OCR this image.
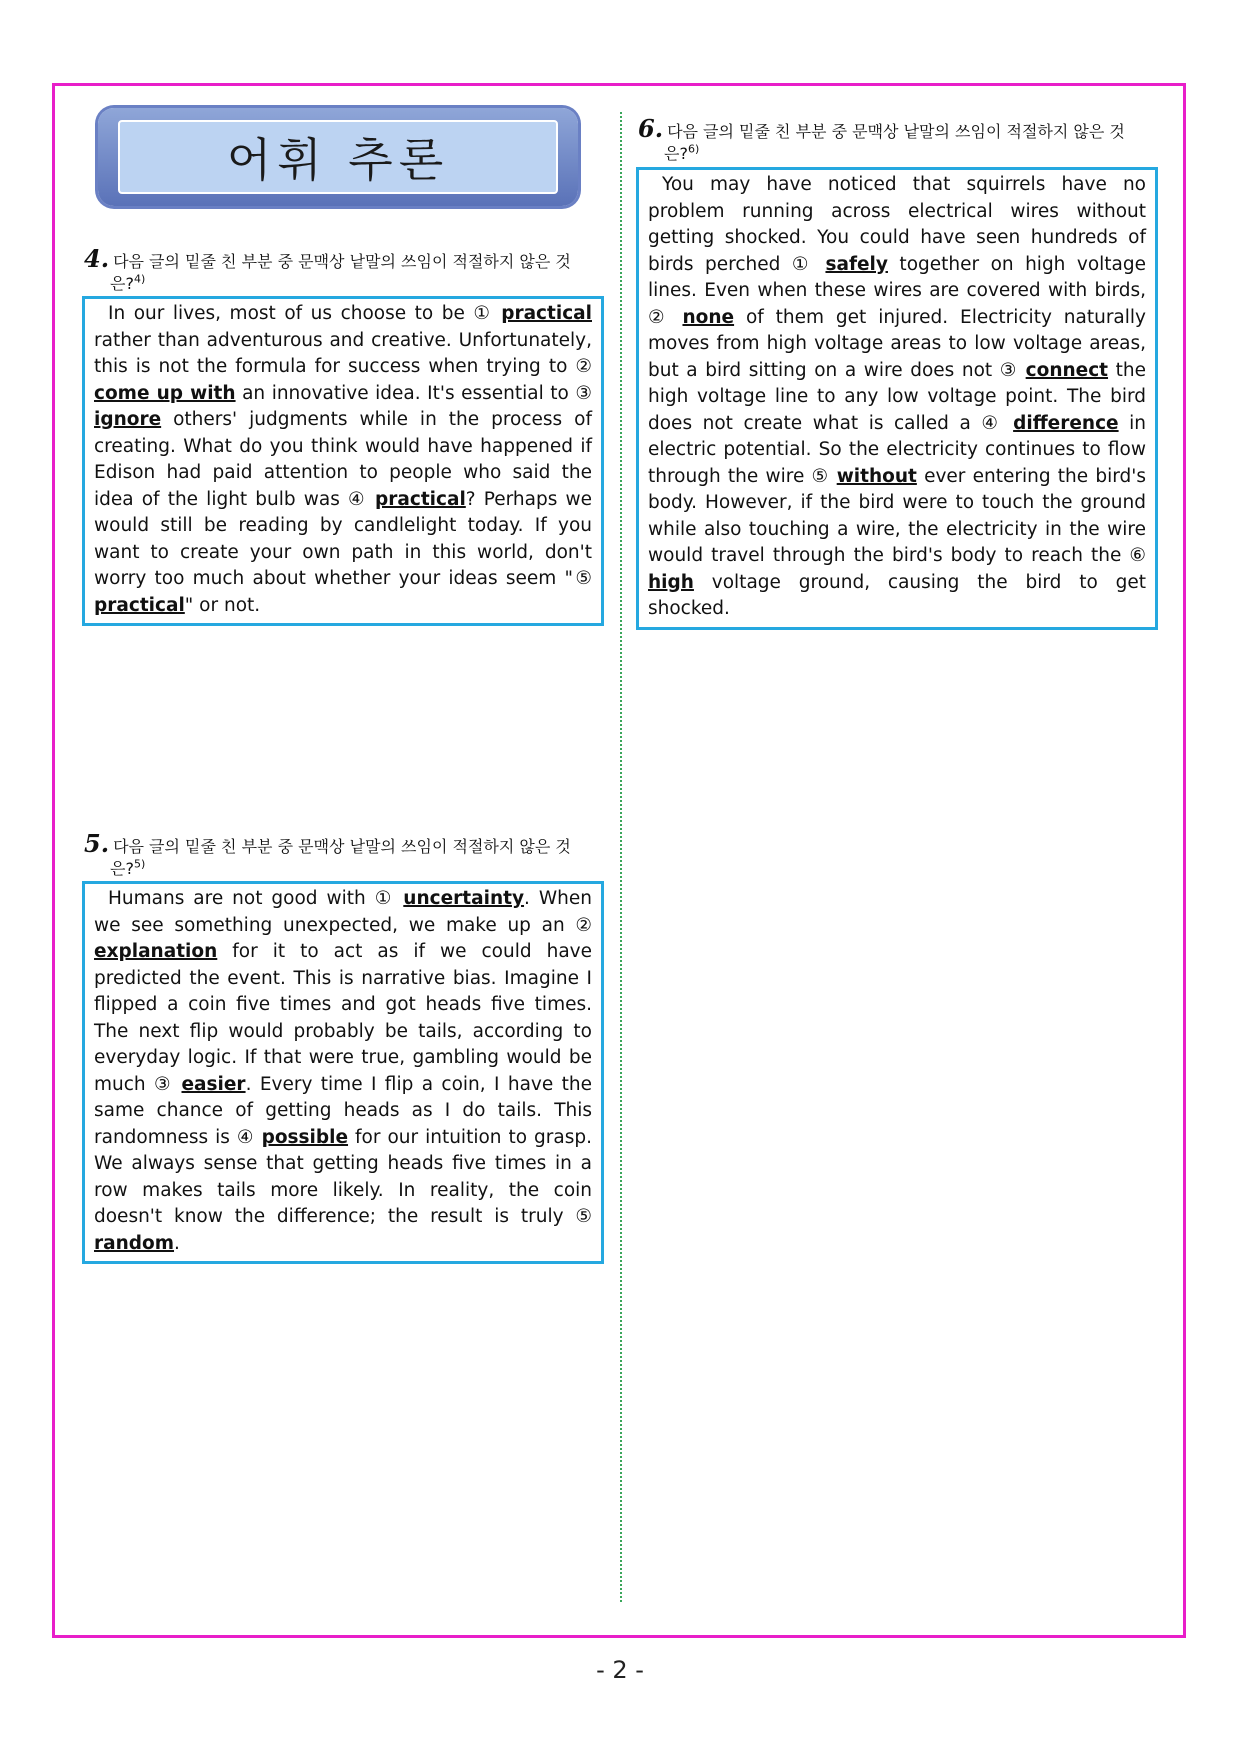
어휘 추론
4. 다음 글의 밑줄 친 부분 중 문맥상 낱말의 쓰임이 적절하지 않은 것
은?$^{4)}$

In our lives, most of us choose to be ① practical rather than adventurous and creative. Unfortunately, this is not the formula for success when trying to ② come up with an innovative idea. It's essential to ③ ignore others' judgments while in the process of creating. What do you think would have happened if Edison had paid attention to people who said the idea of the light bulb was ④ practical? Perhaps we would still be reading by candlelight today. If you want to create your own path in this world, don't worry too much about whether your ideas seem "⑤ practical" or not.

5. 다음 글의 밑줄 친 부분 중 문맥상 낱말의 쓰임이 적절하지 않은 것
은?$^{5)}$

Humans are not good with ① uncertainty. When we see something unexpected, we make up an ② explanation for it to act as if we could have predicted the event. This is narrative bias. Imagine I flipped a coin five times and got heads five times. The next flip would probably be tails, according to everyday logic. If that were true, gambling would be much ③ easier. Every time I flip a coin, I have the same chance of getting heads as I do tails. This randomness is ④ possible for our intuition to grasp. We always sense that getting heads five times in a row makes tails more likely. In reality, the coin doesn't know the difference; the result is truly ⑤ random.

6. 다음 글의 밑줄 친 부분 중 문맥상 낱말의 쓰임이 적절하지 않은 것
은?$^{6)}$

You may have noticed that squirrels have no problem running across electrical wires without getting shocked. You could have seen hundreds of birds perched ① safely together on high voltage lines. Even when these wires are covered with birds, ② none of them get injured. Electricity naturally moves from high voltage areas to low voltage areas, but a bird sitting on a wire does not ③ connect the high voltage line to any low voltage point. The bird does not create what is called a ④ difference in electric potential. So the electricity continues to flow through the wire ⑤ without ever entering the bird's body. However, if the bird were to touch the ground while also touching a wire, the electricity in the wire would travel through the bird's body to reach the ⑥ high voltage ground, causing the bird to get shocked.

- 2 -
